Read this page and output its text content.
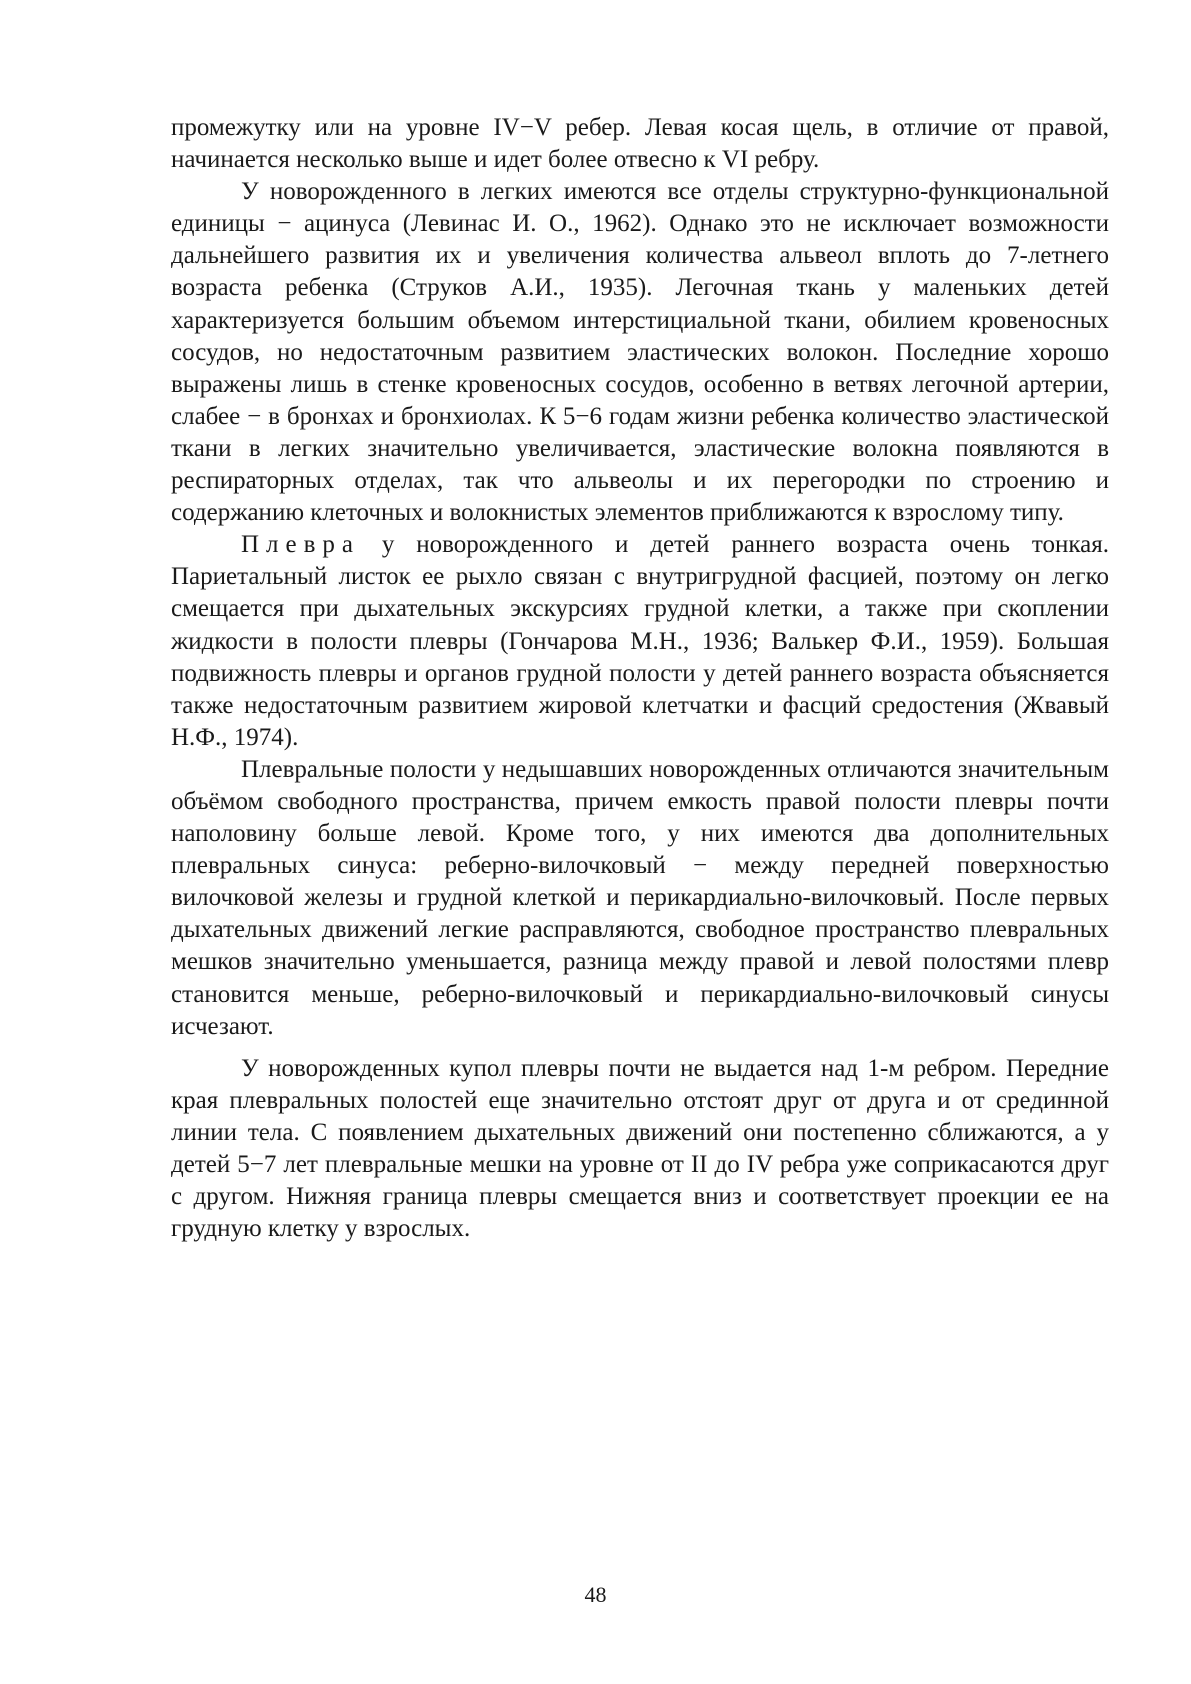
промежутку или на уровне IV−V ребер. Левая косая щель, в отличие от правой, начинается несколько выше и идет более отвесно к VI ребру.

У новорожденного в легких имеются все отделы структурно-функциональной единицы − ацинуса (Левинас И. О., 1962). Однако это не исключает возможности дальнейшего развития их и увеличения количества альвеол вплоть до 7-летнего возраста ребенка (Струков А.И., 1935). Легочная ткань у маленьких детей характеризуется большим объемом интерстициальной ткани, обилием кровеносных сосудов, но недостаточным развитием эластических волокон. Последние хорошо выражены лишь в стенке кровеносных сосудов, особенно в ветвях легочной артерии, слабее − в бронхах и бронхиолах. К 5−6 годам жизни ребенка количество эластической ткани в легких значительно увеличивается, эластические волокна появляются в респираторных отделах, так что альвеолы и их перегородки по строению и содержанию клеточных и волокнистых элементов приближаются к взрослому типу.

Плевра у новорожденного и детей раннего возраста очень тонкая. Париетальный листок ее рыхло связан с внутригрудной фасцией, поэтому он легко смещается при дыхательных экскурсиях грудной клетки, а также при скоплении жидкости в полости плевры (Гончарова М.Н., 1936; Валькер Ф.И., 1959). Большая подвижность плевры и органов грудной полости у детей раннего возраста объясняется также недостаточным развитием жировой клетчатки и фасций средостения (Жвавый Н.Ф., 1974).

Плевральные полости у недышавших новорожденных отличаются значительным объёмом свободного пространства, причем емкость правой полости плевры почти наполовину больше левой. Кроме того, у них имеются два дополнительных плевральных синуса: реберно-вилочковый − между передней поверхностью вилочковой железы и грудной клеткой и перикардиально-вилочковый. После первых дыхательных движений легкие расправляются, свободное пространство плевральных мешков значительно уменьшается, разница между правой и левой полостями плевр становится меньше, реберно-вилочковый и перикардиально-вилочковый синусы исчезают.

У новорожденных купол плевры почти не выдается над 1-м ребром. Передние края плевральных полостей еще значительно отстоят друг от друга и от срединной линии тела. С появлением дыхательных движений они постепенно сближаются, а у детей 5−7 лет плевральные мешки на уровне от II до IV ребра уже соприкасаются друг с другом. Нижняя граница плевры смещается вниз и соответствует проекции ее на грудную клетку у взрослых.

48
